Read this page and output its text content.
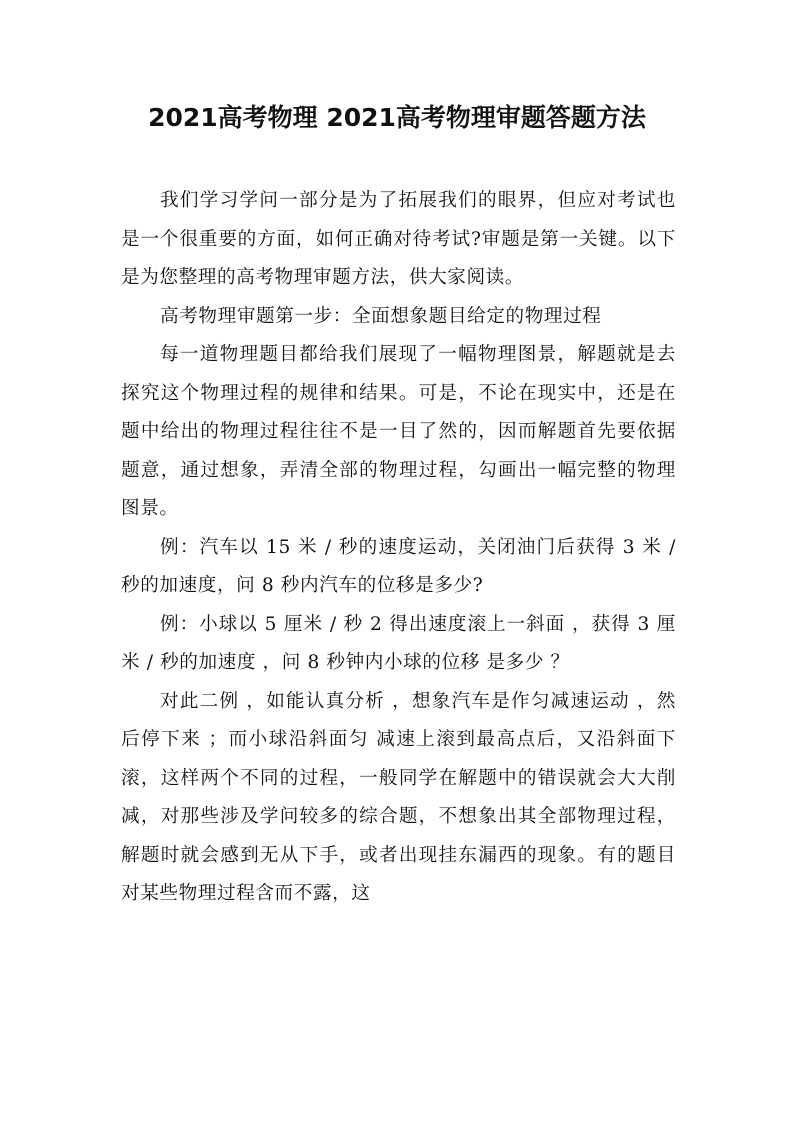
2021高考物理 2021高考物理审题答题方法

我们学习学问一部分是为了拓展我们的眼界，但应对考试也是一个很重要的方面，如何正确对待考试?审题是第一关键。以下是为您整理的高考物理审题方法，供大家阅读。

高考物理审题第一步：全面想象题目给定的物理过程

每一道物理题目都给我们展现了一幅物理图景，解题就是去探究这个物理过程的规律和结果。可是，不论在现实中，还是在题中给出的物理过程往往不是一目了然的，因而解题首先要依据题意，通过想象，弄清全部的物理过程，勾画出一幅完整的物理图景。

例：汽车以 15 米 / 秒的速度运动，关闭油门后获得 3 米 / 秒的加速度，问 8 秒内汽车的位移是多少?

例：小球以 5 厘米 / 秒 2 得出速度滚上一斜面 ，获得 3 厘米 / 秒的加速度 ，问 8 秒钟内小球的位移 是多少 ？

对此二例 ，如能认真分析 ，想象汽车是作匀减速运动 ，然后停下来 ；而小球沿斜面匀 减速上滚到最高点后，又沿斜面下滚，这样两个不同的过程，一般同学在解题中的错误就会大大削减，对那些涉及学问较多的综合题，不想象出其全部物理过程，解题时就会感到无从下手，或者出现挂东漏西的现象。有的题目对某些物理过程含而不露，这
